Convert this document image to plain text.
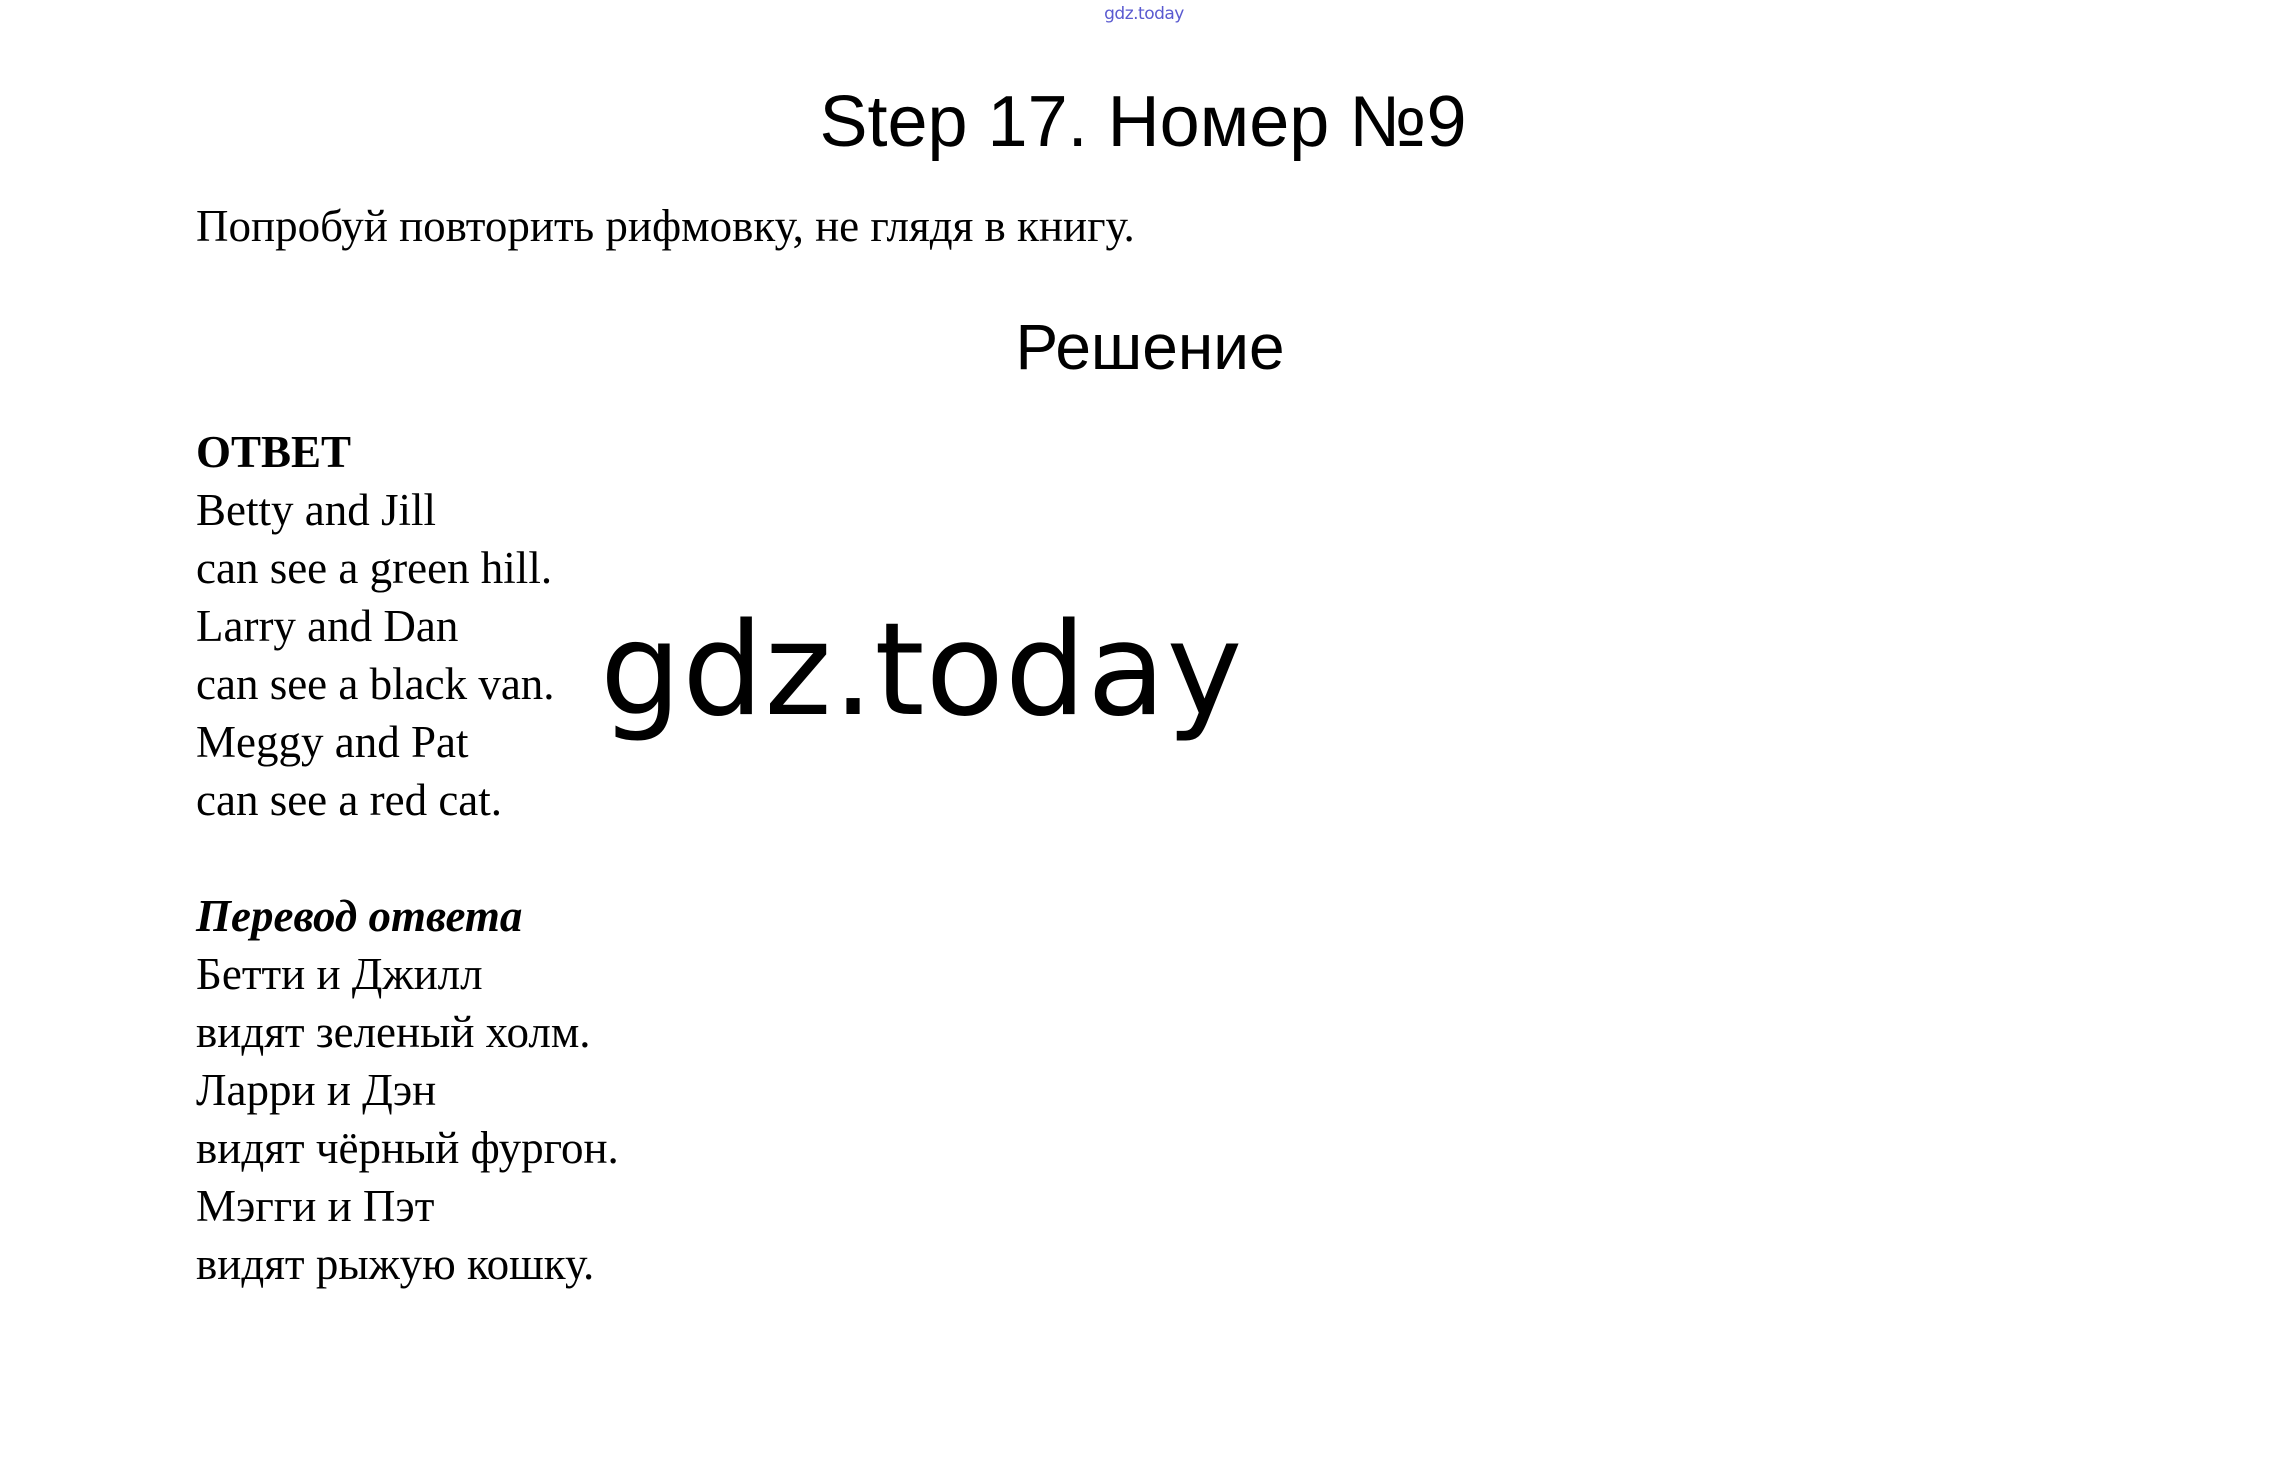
gdz.today
Step 17. Номер №9
Попробуй повторить рифмовку, не глядя в книгу.
Решение
ОТВЕТ
Betty and Jill
can see a green hill.
Larry and Dan
can see a black van.
Meggy and Pat
can see a red cat.
Перевод ответа
Бетти и Джилл
видят зеленый холм.
Ларри и Дэн
видят чёрный фургон.
Мэгги и Пэт
видят рыжую кошку.
gdz.today
